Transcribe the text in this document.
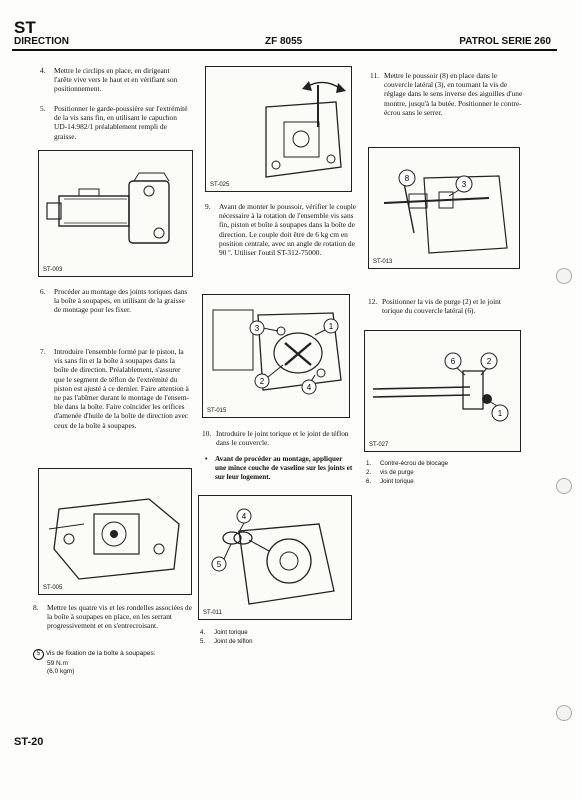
ST
DIRECTION	ZF 8055	PATROL SERIE 260
4.	Mettre le circlips en place, en dirigeant l'arête vive vers le haut et en vérifiant son positionnement.
5.	Positionner le garde-poussière sur l'extrémité de la vis sans fin, en utilisant le capuchon UD-14.982/1 préalablement rempli de graisse.
ST-003
6.	Procéder au montage des joints toriques dans la boîte à soupapes, en utilisant de la graisse de montage pour les fixer.
7.	Introduire l'ensemble formé par le piston, la vis sans fin et la boîte à soupapes dans la boîte de direction. Préalablement, s'assurer que le segment de téflon de l'extrémité du piston est ajusté à ce dernier. Faire attention à ne pas l'abîmer durant le montage de l'ensemble dans la boîte. Faire coïncider les orifices d'amenée d'huile de la boîte de direction avec ceux de la boîte à soupapes.
ST-005
8.	Mettre les quatre vis et les rondelles associées de la boîte à soupapes en place, en les serrant progressivement et en s'entrecroisant.
5 Vis de fixation de la boîte à soupapes:
59 N.m
(6,0 kgm)
ST-025
9.	Avant de monter le poussoir, vérifier le couple nécessaire à la rotation de l'ensemble vis sans fin, piston et boîte à soupapes dans la boîte de direction. Le couple doit être de 6 kg cm en position centrale, avec un angle de rotation de 90 º. Utiliser l'outil ST-312-75000.
3	1
2
4
ST-015
10. Introduire le joint torique et le joint de téflon dans le couvercle.
•	Avant de procéder au montage, appliquer une mince couche de vaseline sur les joints et sur leur logement.
4
5
ST-011
4. Joint torique
5. Joint de téflon
11. Mettre le poussoir (8) en place dans le couvercle latéral (3), en tournant la vis de réglage dans le sens inverse des aiguilles d'une montre, jusqu'à la butée. Positionner le contre-écrou sans le serrer.
8
3
ST-013
12. Positionner la vis de purge (2) et le joint torique du couvercle latéral (6).
6	2
1
ST-027
1. Contre-écrou de blocage
2. vis de purge
6. Joint torique
ST-20
